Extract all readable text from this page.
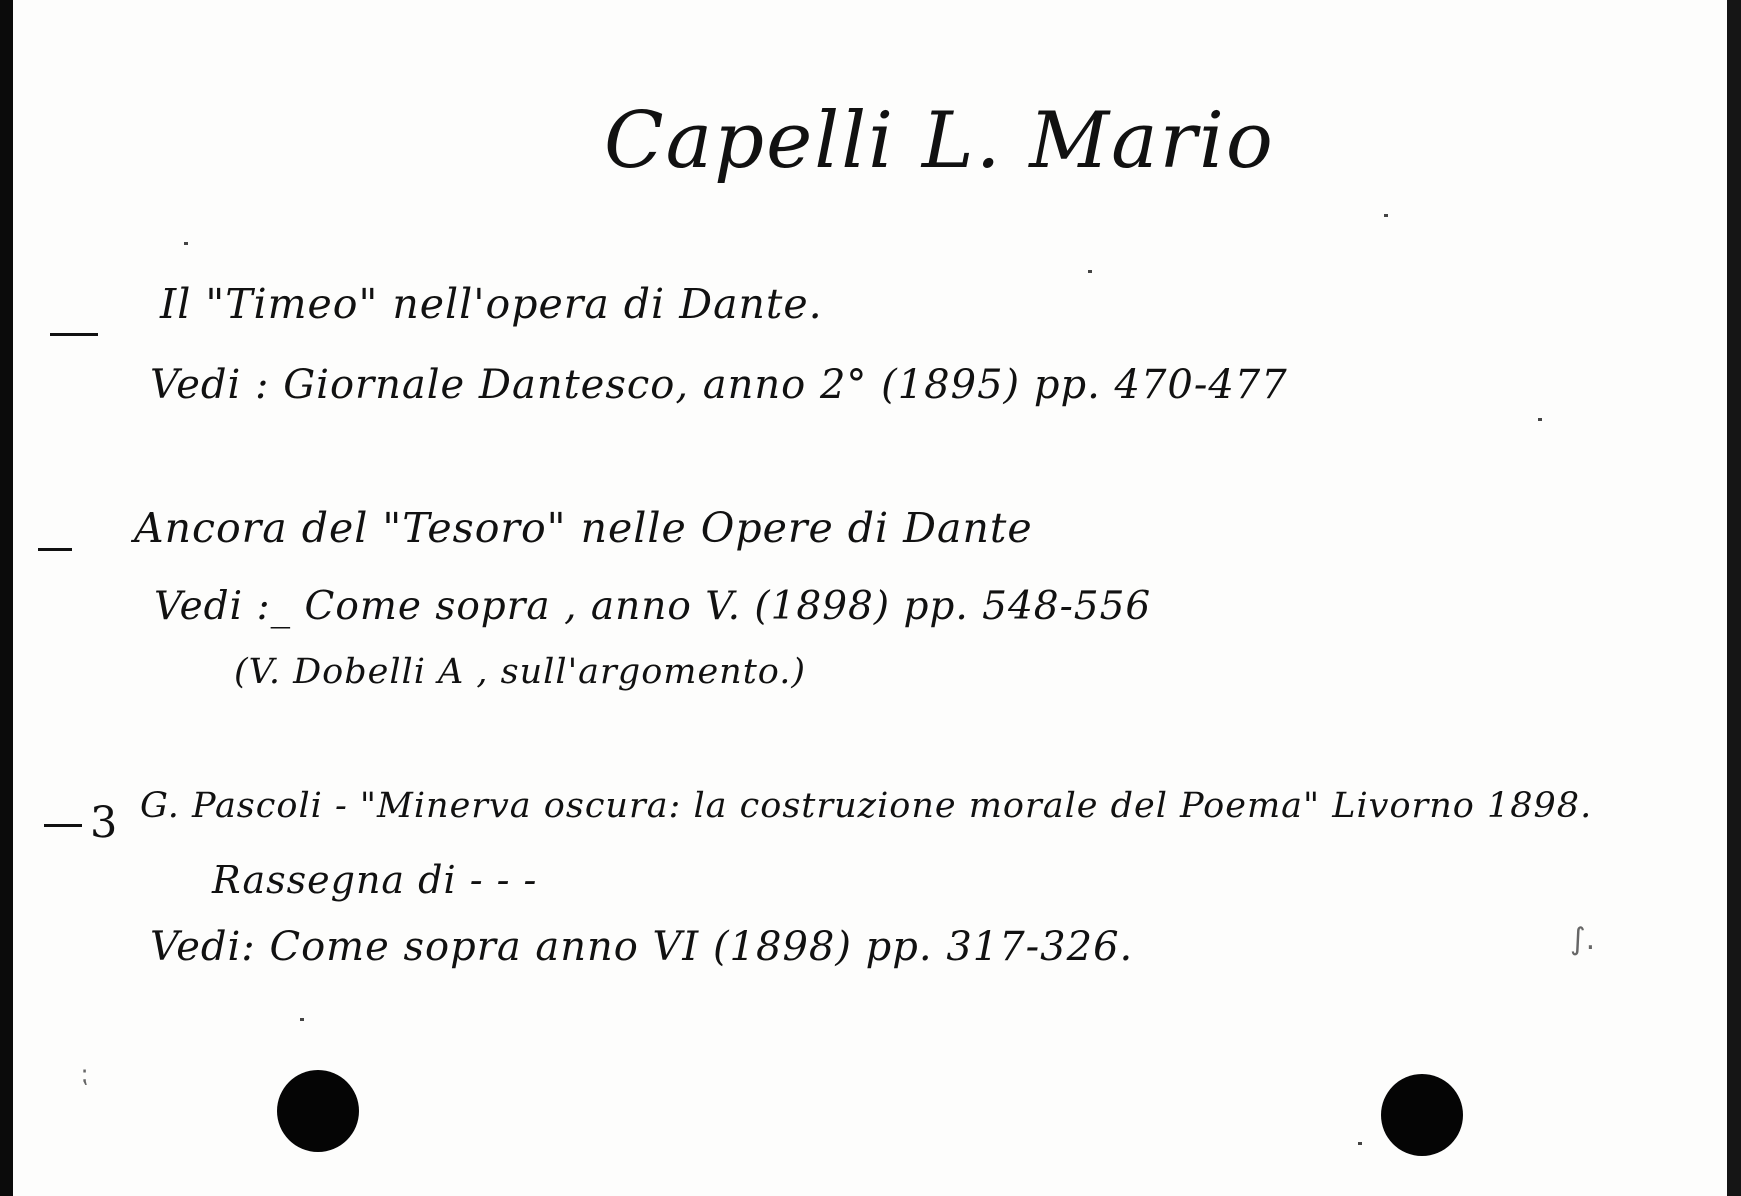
Capelli L. Mario
Il "Timeo" nell'opera di Dante.
Vedi : Giornale Dantesco, anno 2° (1895) pp. 470-477
Ancora del "Tesoro" nelle Opere di Dante
Vedi :_ Come sopra , anno V. (1898) pp. 548-556
(V. Dobelli A , sull'argomento.)
3 G. Pascoli - "Minerva oscura: la costruzione morale del Poema" Livorno 1898.
Rassegna di - - -
Vedi: Come sopra anno VI (1898) pp. 317-326.	∫.
⁏
